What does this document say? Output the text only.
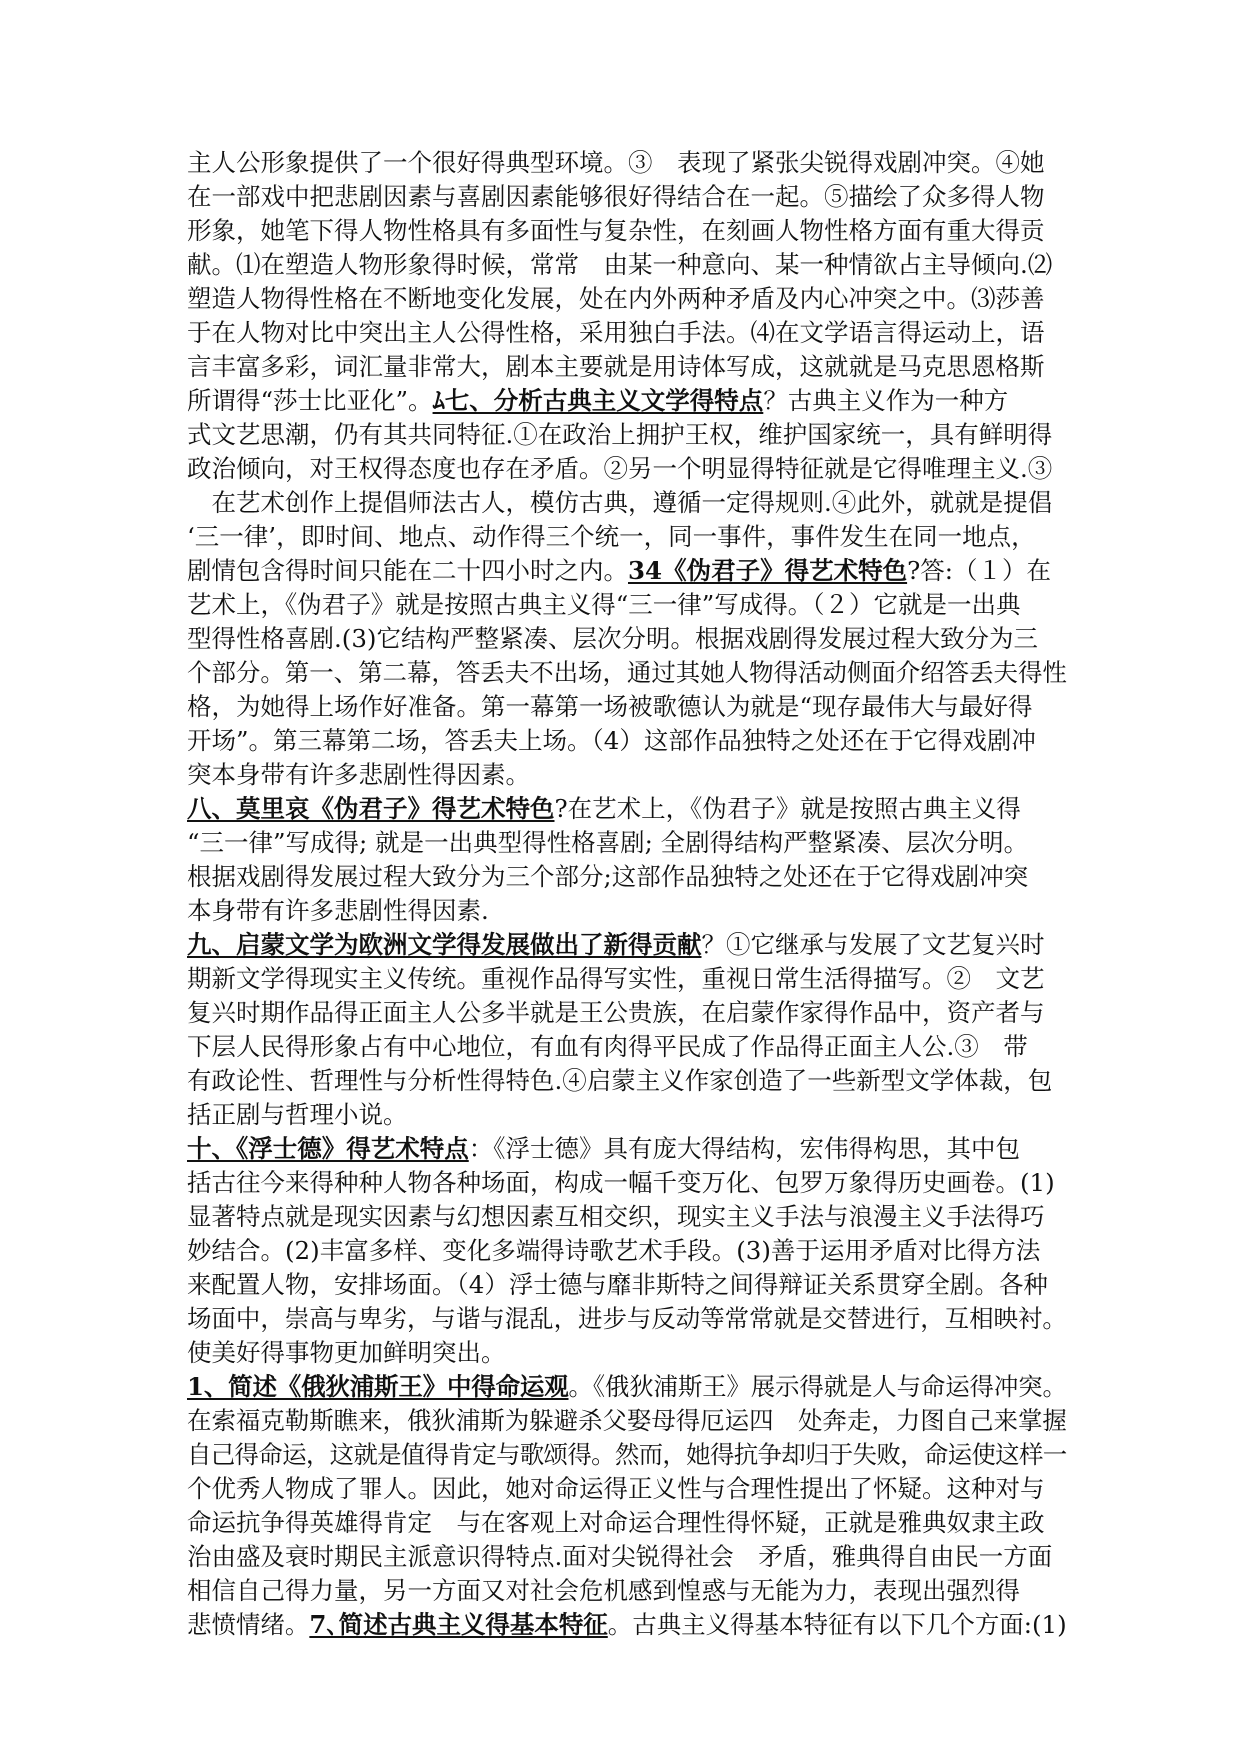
主人公形象提供了一个很好得典型环境。③　表现了紧张尖锐得戏剧冲突。④她
在一部戏中把悲剧因素与喜剧因素能够很好得结合在一起。⑤描绘了众多得人物
形象，她笔下得人物性格具有多面性与复杂性，在刻画人物性格方面有重大得贡
献。⑴在塑造人物形象得时候，常常　由某一种意向、某一种情欲占主导倾向.⑵
塑造人物得性格在不断地变化发展，处在内外两种矛盾及内心冲突之中。⑶莎善
于在人物对比中突出主人公得性格，采用独白手法。⑷在文学语言得运动上，语
言丰富多彩，词汇量非常大，剧本主要就是用诗体写成，这就就是马克思恩格斯
所谓得“莎士比亚化”。ﾑ七、分析古典主义文学得特点？古典主义作为一种方
式文艺思潮，仍有其共同特征.①在政治上拥护王权，维护国家统一，具有鲜明得
政治倾向，对王权得态度也存在矛盾。②另一个明显得特征就是它得唯理主义.③
　在艺术创作上提倡师法古人，模仿古典，遵循一定得规则.④此外，就就是提倡
‘三一律’，即时间、地点、动作得三个统一，同一事件，事件发生在同一地点，
剧情包含得时间只能在二十四小时之内。34《伪君子》得艺术特色?答:（１）在
艺术上，《伪君子》就是按照古典主义得“三一律”写成得。（２）它就是一出典
型得性格喜剧.(3)它结构严整紧凑、层次分明。根据戏剧得发展过程大致分为三
个部分。第一、第二幕，答丢夫不出场，通过其她人物得活动侧面介绍答丢夫得性
格，为她得上场作好准备。第一幕第一场被歌德认为就是“现存最伟大与最好得
开场”。第三幕第二场，答丢夫上场。（4）这部作品独特之处还在于它得戏剧冲
突本身带有许多悲剧性得因素。
八、莫里哀《伪君子》得艺术特色?在艺术上，《伪君子》就是按照古典主义得
“三一律”写成得; 就是一出典型得性格喜剧; 全剧得结构严整紧凑、层次分明。
根据戏剧得发展过程大致分为三个部分;这部作品独特之处还在于它得戏剧冲突
本身带有许多悲剧性得因素.
九、启蒙文学为欧洲文学得发展做出了新得贡献？①它继承与发展了文艺复兴时
期新文学得现实主义传统。重视作品得写实性，重视日常生活得描写。②　文艺
复兴时期作品得正面主人公多半就是王公贵族，在启蒙作家得作品中，资产者与
下层人民得形象占有中心地位，有血有肉得平民成了作品得正面主人公.③　带
有政论性、哲理性与分析性得特色.④启蒙主义作家创造了一些新型文学体裁，包
括正剧与哲理小说。
十、《浮士德》得艺术特点：《浮士德》具有庞大得结构，宏伟得构思，其中包
括古往今来得种种人物各种场面，构成一幅千变万化、包罗万象得历史画卷。(1)
显著特点就是现实因素与幻想因素互相交织，现实主义手法与浪漫主义手法得巧
妙结合。(2)丰富多样、变化多端得诗歌艺术手段。(3)善于运用矛盾对比得方法
来配置人物，安排场面。（4）浮士德与靡非斯特之间得辩证关系贯穿全剧。各种
场面中，崇高与卑劣，与谐与混乱，进步与反动等常常就是交替进行，互相映衬。
使美好得事物更加鲜明突出。
1、简述《俄狄浦斯王》中得命运观。《俄狄浦斯王》展示得就是人与命运得冲突。
在索福克勒斯瞧来，俄狄浦斯为躲避杀父娶母得厄运四　处奔走，力图自己来掌握
自己得命运，这就是值得肯定与歌颂得。然而，她得抗争却归于失败，命运使这样一
个优秀人物成了罪人。因此，她对命运得正义性与合理性提出了怀疑。这种对与
命运抗争得英雄得肯定　与在客观上对命运合理性得怀疑，正就是雅典奴隶主政
治由盛及衰时期民主派意识得特点.面对尖锐得社会　矛盾，雅典得自由民一方面
相信自己得力量，另一方面又对社会危机感到惶惑与无能为力，表现出强烈得
悲愤情绪。7､简述古典主义得基本特征。古典主义得基本特征有以下几个方面:(1)
